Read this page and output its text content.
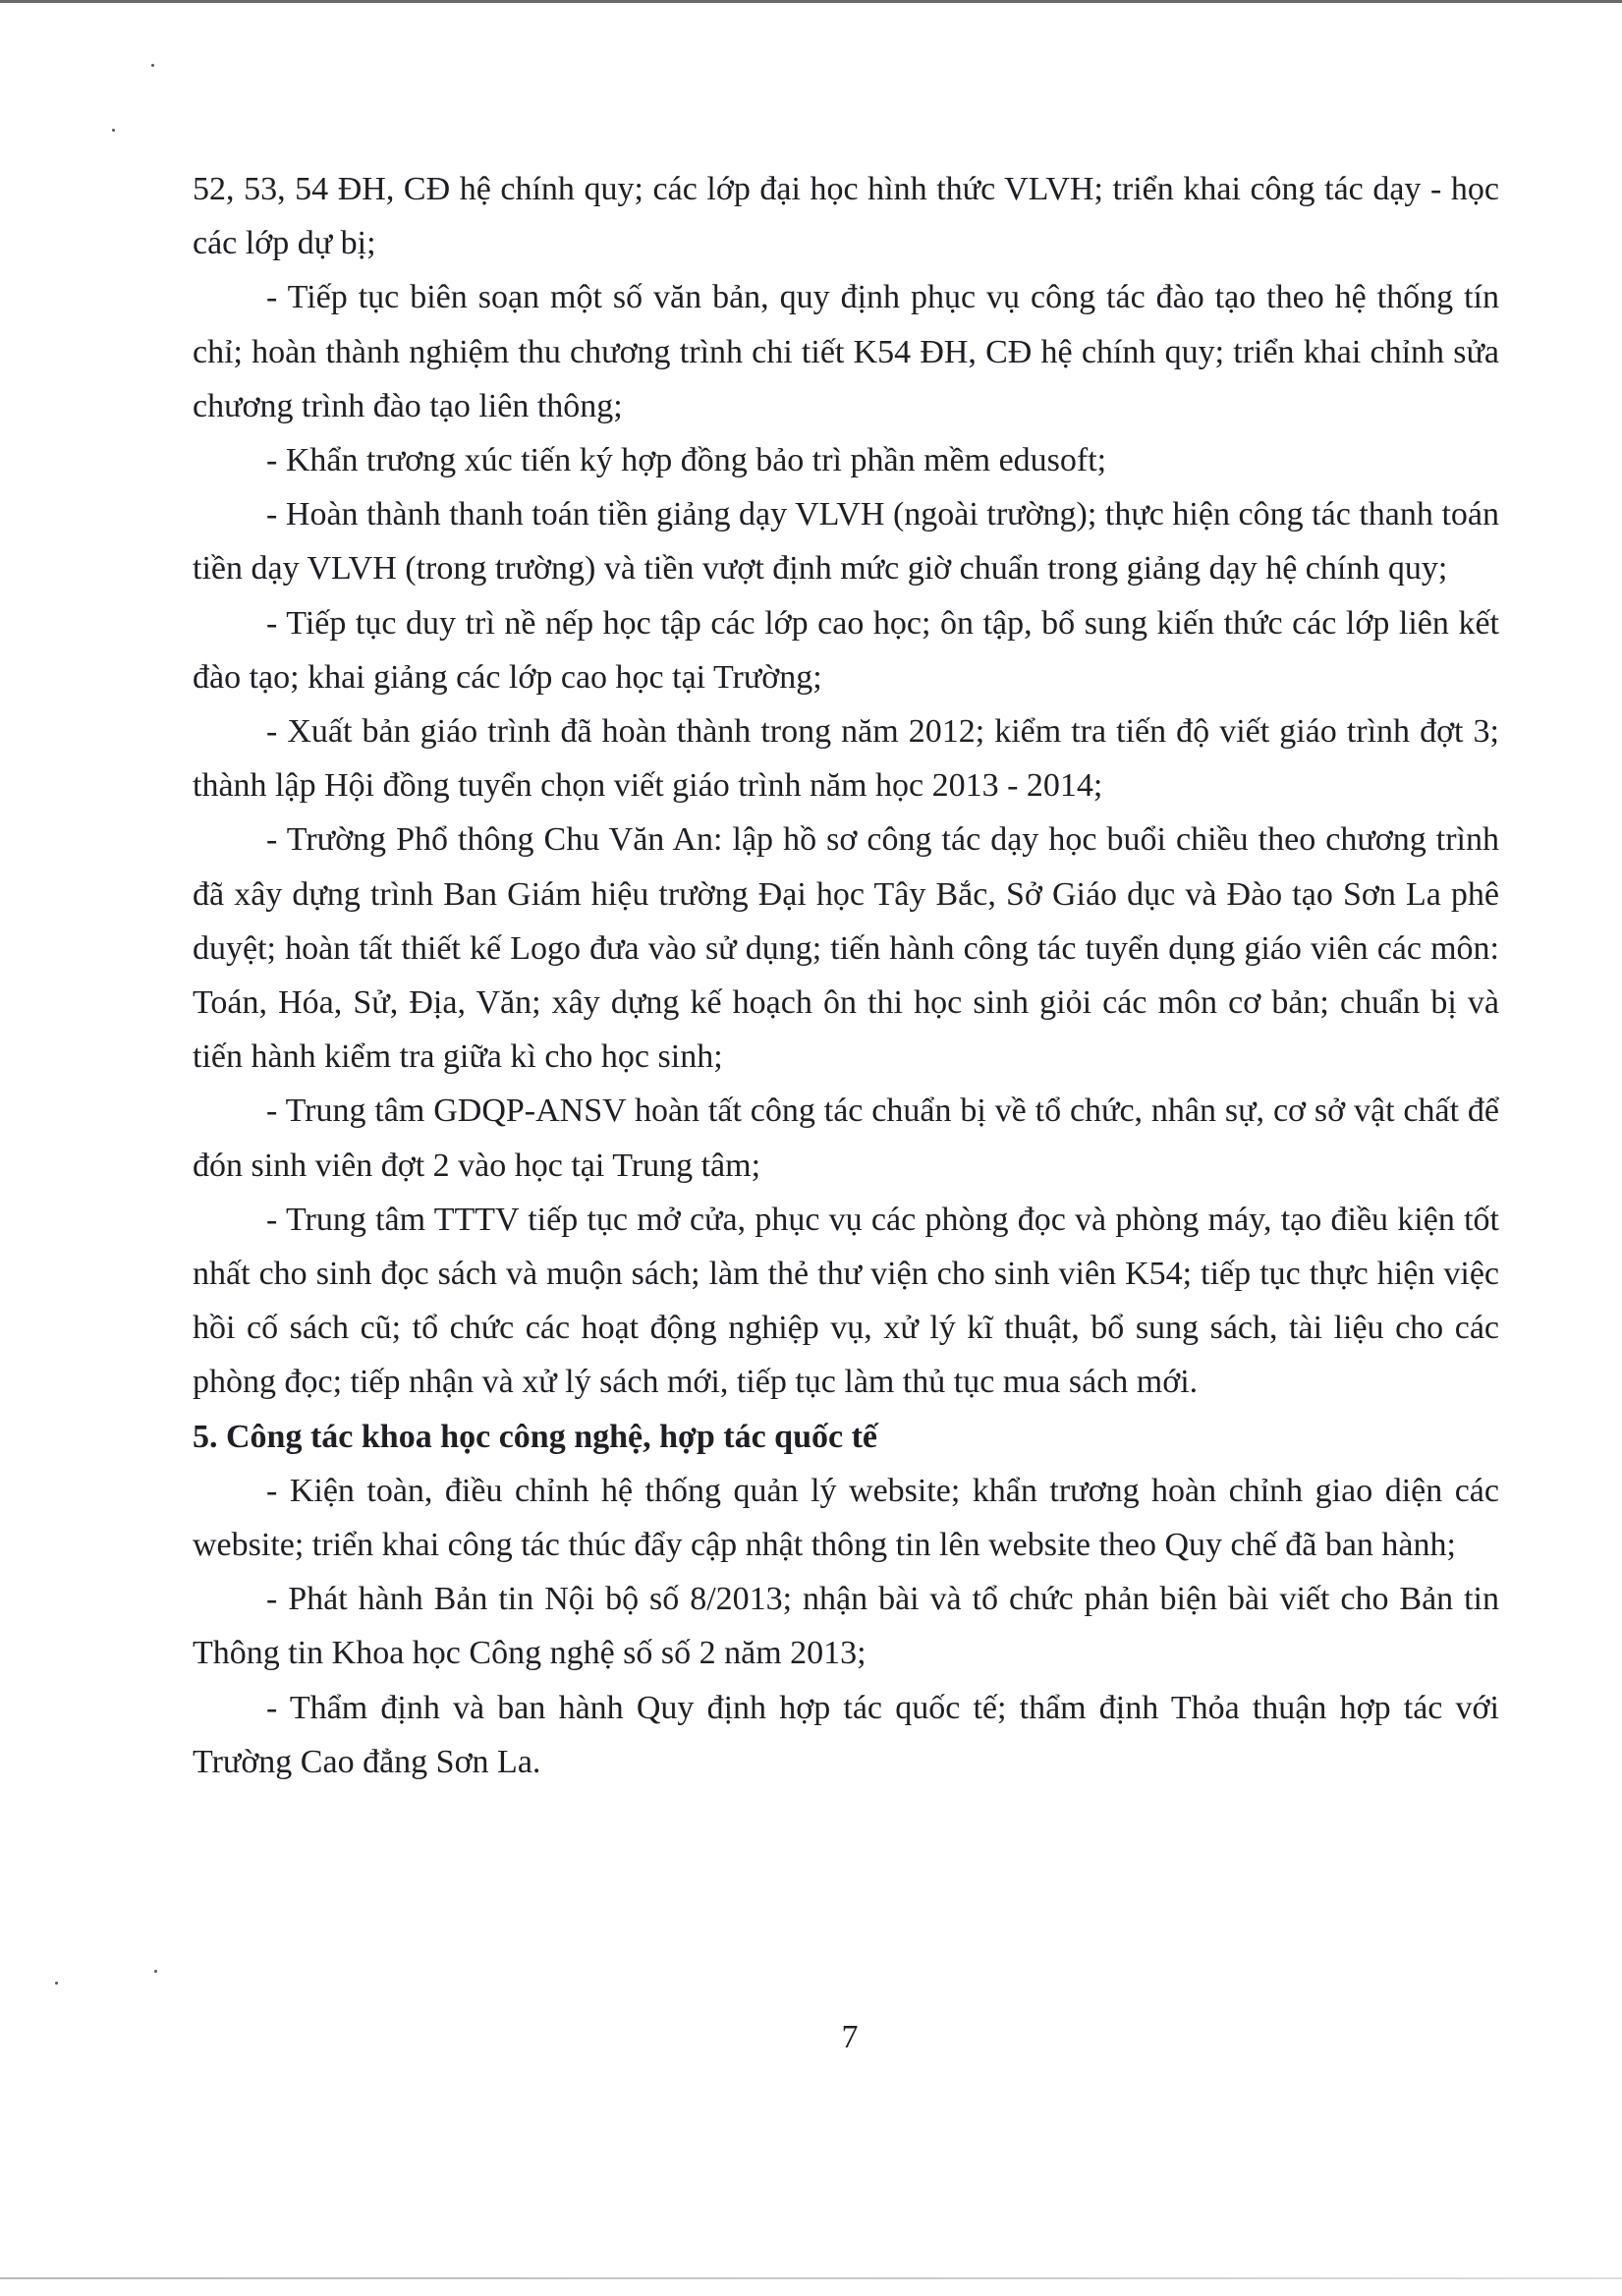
52, 53, 54 ĐH, CĐ hệ chính quy; các lớp đại học hình thức VLVH; triển khai công tác dạy - học các lớp dự bị;

- Tiếp tục biên soạn một số văn bản, quy định phục vụ công tác đào tạo theo hệ thống tín chỉ; hoàn thành nghiệm thu chương trình chi tiết K54 ĐH, CĐ hệ chính quy; triển khai chỉnh sửa chương trình đào tạo liên thông;

- Khẩn trương xúc tiến ký hợp đồng bảo trì phần mềm edusoft;

- Hoàn thành thanh toán tiền giảng dạy VLVH (ngoài trường); thực hiện công tác thanh toán tiền dạy VLVH (trong trường) và tiền vượt định mức giờ chuẩn trong giảng dạy hệ chính quy;

- Tiếp tục duy trì nề nếp học tập các lớp cao học; ôn tập, bổ sung kiến thức các lớp liên kết đào tạo; khai giảng các lớp cao học tại Trường;

- Xuất bản giáo trình đã hoàn thành trong năm 2012; kiểm tra tiến độ viết giáo trình đợt 3; thành lập Hội đồng tuyển chọn viết giáo trình năm học 2013 - 2014;

- Trường Phổ thông Chu Văn An: lập hồ sơ công tác dạy học buổi chiều theo chương trình đã xây dựng trình Ban Giám hiệu trường Đại học Tây Bắc, Sở Giáo dục và Đào tạo Sơn La phê duyệt; hoàn tất thiết kế Logo đưa vào sử dụng; tiến hành công tác tuyển dụng giáo viên các môn: Toán, Hóa, Sử, Địa, Văn; xây dựng kế hoạch ôn thi học sinh giỏi các môn cơ bản; chuẩn bị và tiến hành kiểm tra giữa kì cho học sinh;

- Trung tâm GDQP-ANSV hoàn tất công tác chuẩn bị về tổ chức, nhân sự, cơ sở vật chất để đón sinh viên đợt 2 vào học tại Trung tâm;

- Trung tâm TTTV tiếp tục mở cửa, phục vụ các phòng đọc và phòng máy, tạo điều kiện tốt nhất cho sinh đọc sách và muộn sách; làm thẻ thư viện cho sinh viên K54; tiếp tục thực hiện việc hồi cố sách cũ; tổ chức các hoạt động nghiệp vụ, xử lý kĩ thuật, bổ sung sách, tài liệu cho các phòng đọc; tiếp nhận và xử lý sách mới, tiếp tục làm thủ tục mua sách mới.

5. Công tác khoa học công nghệ, hợp tác quốc tế

- Kiện toàn, điều chỉnh hệ thống quản lý website; khẩn trương hoàn chỉnh giao diện các website; triển khai công tác thúc đẩy cập nhật thông tin lên website theo Quy chế đã ban hành;

- Phát hành Bản tin Nội bộ số 8/2013; nhận bài và tổ chức phản biện bài viết cho Bản tin Thông tin Khoa học Công nghệ số số 2 năm 2013;

- Thẩm định và ban hành Quy định hợp tác quốc tế; thẩm định Thỏa thuận hợp tác với Trường Cao đẳng Sơn La.

7
